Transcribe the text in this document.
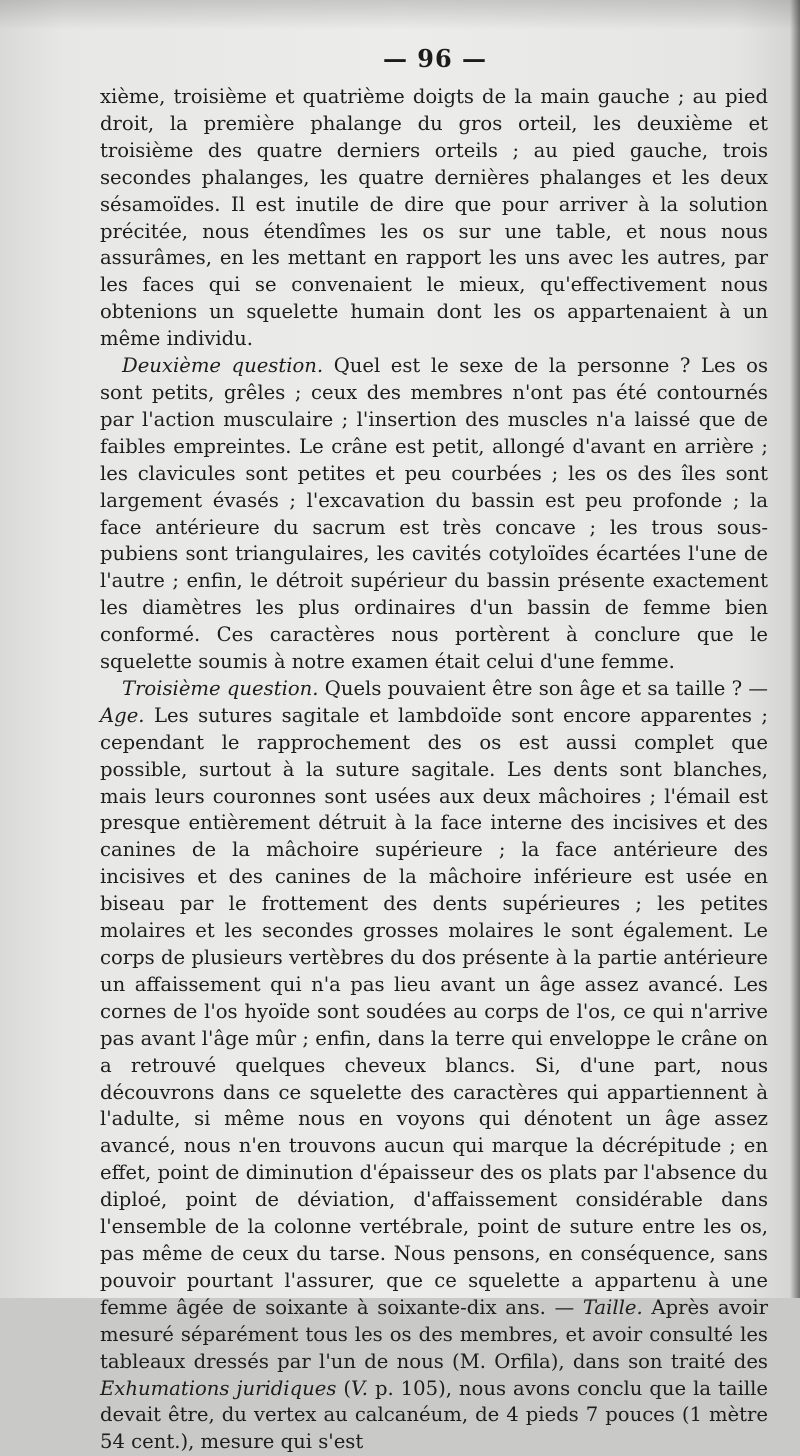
— 96 —

xième, troisième et quatrième doigts de la main gauche ; au pied droit, la première phalange du gros orteil, les deuxième et troisième des quatre derniers orteils ; au pied gauche, trois secondes phalanges, les quatre dernières phalanges et les deux sésamoïdes. Il est inutile de dire que pour arriver à la solution précitée, nous étendîmes les os sur une table, et nous nous assurâmes, en les mettant en rapport les uns avec les autres, par les faces qui se convenaient le mieux, qu'effectivement nous obtenions un squelette humain dont les os appartenaient à un même individu.

Deuxième question. Quel est le sexe de la personne ? Les os sont petits, grêles ; ceux des membres n'ont pas été contournés par l'action musculaire ; l'insertion des muscles n'a laissé que de faibles empreintes. Le crâne est petit, allongé d'avant en arrière ; les clavicules sont petites et peu courbées ; les os des îles sont largement évasés ; l'excavation du bassin est peu profonde ; la face antérieure du sacrum est très concave ; les trous sous-pubiens sont triangulaires, les cavités cotyloïdes écartées l'une de l'autre ; enfin, le détroit supérieur du bassin présente exactement les diamètres les plus ordinaires d'un bassin de femme bien conformé. Ces caractères nous portèrent à conclure que le squelette soumis à notre examen était celui d'une femme.

Troisième question. Quels pouvaient être son âge et sa taille ? — Age. Les sutures sagitale et lambdoïde sont encore apparentes ; cependant le rapprochement des os est aussi complet que possible, surtout à la suture sagitale. Les dents sont blanches, mais leurs couronnes sont usées aux deux mâchoires ; l'émail est presque entièrement détruit à la face interne des incisives et des canines de la mâchoire supérieure ; la face antérieure des incisives et des canines de la mâchoire inférieure est usée en biseau par le frottement des dents supérieures ; les petites molaires et les secondes grosses molaires le sont également. Le corps de plusieurs vertèbres du dos présente à la partie antérieure un affaissement qui n'a pas lieu avant un âge assez avancé. Les cornes de l'os hyoïde sont soudées au corps de l'os, ce qui n'arrive pas avant l'âge mûr ; enfin, dans la terre qui enveloppe le crâne on a retrouvé quelques cheveux blancs. Si, d'une part, nous découvrons dans ce squelette des caractères qui appartiennent à l'adulte, si même nous en voyons qui dénotent un âge assez avancé, nous n'en trouvons aucun qui marque la décrépitude ; en effet, point de diminution d'épaisseur des os plats par l'absence du diploé, point de déviation, d'affaissement considérable dans l'ensemble de la colonne vertébrale, point de suture entre les os, pas même de ceux du tarse. Nous pensons, en conséquence, sans pouvoir pourtant l'assurer, que ce squelette a appartenu à une femme âgée de soixante à soixante-dix ans. — Taille. Après avoir mesuré séparément tous les os des membres, et avoir consulté les tableaux dressés par l'un de nous (M. Orfila), dans son traité des Exhumations juridiques (V. p. 105), nous avons conclu que la taille devait être, du vertex au calcanéum, de 4 pieds 7 pouces (1 mètre 54 cent.), mesure qui s'est
